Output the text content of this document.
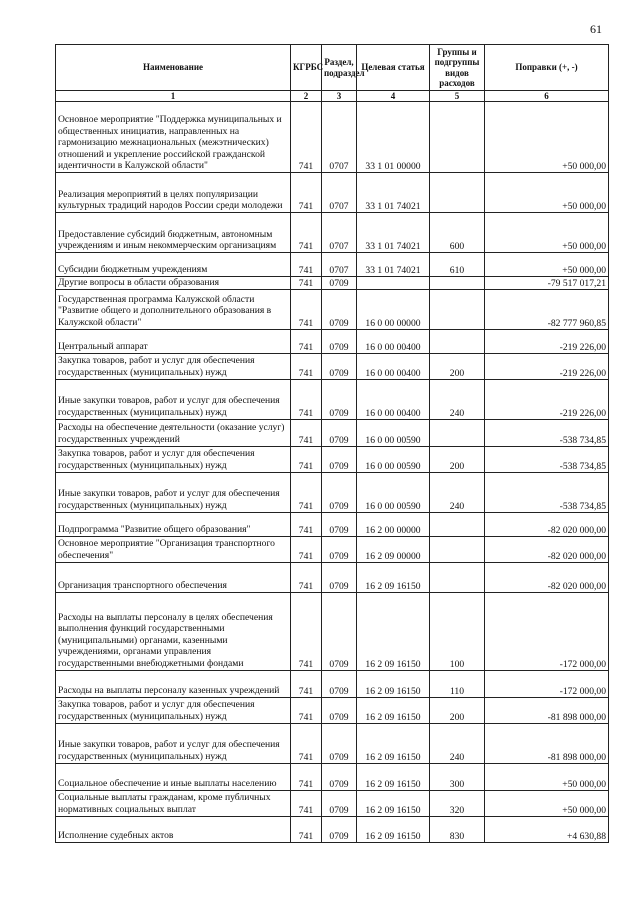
61
Наименование	КГРБС	Раздел, подраздел	Целевая статья	Группы и подгруппы видов расходов	Поправки (+, -)
1	2	3	4	5	6
Основное мероприятие "Поддержка муниципальных и общественных инициатив, направленных на гармонизацию межнациональных (межэтнических) отношений и укрепление российской гражданской идентичности в Калужской области"	741	0707	33 1 01 00000		+50 000,00
Реализация мероприятий в целях популяризации культурных традиций народов России среди молодежи	741	0707	33 1 01 74021		+50 000,00
Предоставление субсидий бюджетным, автономным учреждениям и иным некоммерческим организациям	741	0707	33 1 01 74021	600	+50 000,00
Субсидии бюджетным учреждениям	741	0707	33 1 01 74021	610	+50 000,00
Другие вопросы в области образования	741	0709			-79 517 017,21
Государственная программа Калужской области "Развитие общего и дополнительного образования в Калужской области"	741	0709	16 0 00 00000		-82 777 960,85
Центральный аппарат	741	0709	16 0 00 00400		-219 226,00
Закупка товаров, работ и услуг для обеспечения государственных (муниципальных) нужд	741	0709	16 0 00 00400	200	-219 226,00
Иные закупки товаров, работ и услуг для обеспечения государственных (муниципальных) нужд	741	0709	16 0 00 00400	240	-219 226,00
Расходы на обеспечение деятельности (оказание услуг) государственных учреждений	741	0709	16 0 00 00590		-538 734,85
Закупка товаров, работ и услуг для обеспечения государственных (муниципальных) нужд	741	0709	16 0 00 00590	200	-538 734,85
Иные закупки товаров, работ и услуг для обеспечения государственных (муниципальных) нужд	741	0709	16 0 00 00590	240	-538 734,85
Подпрограмма "Развитие общего образования"	741	0709	16 2 00 00000		-82 020 000,00
Основное мероприятие "Организация транспортного обеспечения"	741	0709	16 2 09 00000		-82 020 000,00
Организация транспортного обеспечения	741	0709	16 2 09 16150		-82 020 000,00
Расходы на выплаты персоналу в целях обеспечения выполнения функций государственными (муниципальными) органами, казенными учреждениями, органами управления государственными внебюджетными фондами	741	0709	16 2 09 16150	100	-172 000,00
Расходы на выплаты персоналу казенных учреждений	741	0709	16 2 09 16150	110	-172 000,00
Закупка товаров, работ и услуг для обеспечения государственных (муниципальных) нужд	741	0709	16 2 09 16150	200	-81 898 000,00
Иные закупки товаров, работ и услуг для обеспечения государственных (муниципальных) нужд	741	0709	16 2 09 16150	240	-81 898 000,00
Социальное обеспечение и иные выплаты населению	741	0709	16 2 09 16150	300	+50 000,00
Социальные выплаты гражданам, кроме публичных нормативных социальных выплат	741	0709	16 2 09 16150	320	+50 000,00
Исполнение судебных актов	741	0709	16 2 09 16150	830	+4 630,88
